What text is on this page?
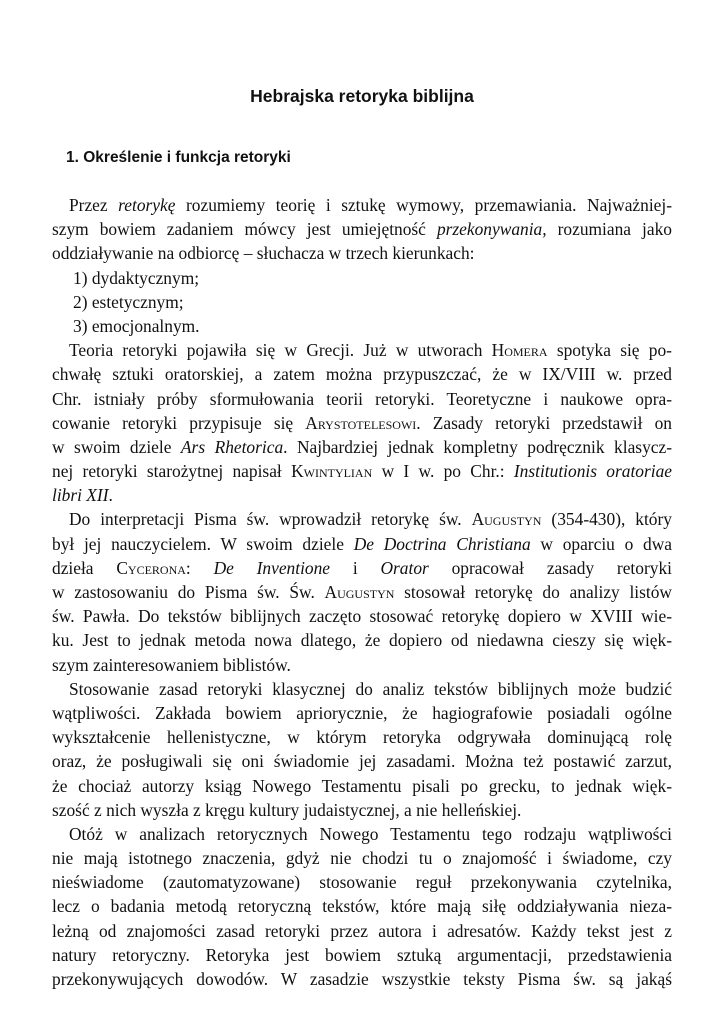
Hebrajska retoryka biblijna
1. Określenie i funkcja retoryki
Przez retorykę rozumiemy teorię i sztukę wymowy, przemawiania. Najważniej-
szym bowiem zadaniem mówcy jest umiejętność przekonywania, rozumiana jako
oddziaływanie na odbiorcę – słuchacza w trzech kierunkach:
1) dydaktycznym;
2) estetycznym;
3) emocjonalnym.
Teoria retoryki pojawiła się w Grecji. Już w utworach Homera spotyka się po-
chwałę sztuki oratorskiej, a zatem można przypuszczać, że w IX/VIII w. przed
Chr. istniały próby sformułowania teorii retoryki. Teoretyczne i naukowe opra-
cowanie retoryki przypisuje się Arystotelesowi. Zasady retoryki przedstawił on
w swoim dziele Ars Rhetorica. Najbardziej jednak kompletny podręcznik klasycz-
nej retoryki starożytnej napisał Kwintylian w I w. po Chr.: Institutionis oratoriae
libri XII.
Do interpretacji Pisma św. wprowadził retorykę św. Augustyn (354-430), który
był jej nauczycielem. W swoim dziele De Doctrina Christiana w oparciu o dwa
dzieła Cycerona: De Inventione i Orator opracował zasady retoryki
w zastosowaniu do Pisma św. Św. Augustyn stosował retorykę do analizy listów
św. Pawła. Do tekstów biblijnych zaczęto stosować retorykę dopiero w XVIII wie-
ku. Jest to jednak metoda nowa dlatego, że dopiero od niedawna cieszy się więk-
szym zainteresowaniem biblistów.
Stosowanie zasad retoryki klasycznej do analiz tekstów biblijnych może budzić
wątpliwości. Zakłada bowiem apriorycznie, że hagiografowie posiadali ogólne
wykształcenie hellenistyczne, w którym retoryka odgrywała dominującą rolę
oraz, że posługiwali się oni świadomie jej zasadami. Można też postawić zarzut,
że chociaż autorzy ksiąg Nowego Testamentu pisali po grecku, to jednak więk-
szość z nich wyszła z kręgu kultury judaistycznej, a nie helleńskiej.
Otóż w analizach retorycznych Nowego Testamentu tego rodzaju wątpliwości
nie mają istotnego znaczenia, gdyż nie chodzi tu o znajomość i świadome, czy
nieświadome (zautomatyzowane) stosowanie reguł przekonywania czytelnika,
lecz o badania metodą retoryczną tekstów, które mają siłę oddziaływania nieza-
leżną od znajomości zasad retoryki przez autora i adresatów. Każdy tekst jest z
natury retoryczny. Retoryka jest bowiem sztuką argumentacji, przedstawienia
przekonywujących dowodów. W zasadzie wszystkie teksty Pisma św. są jakąś
